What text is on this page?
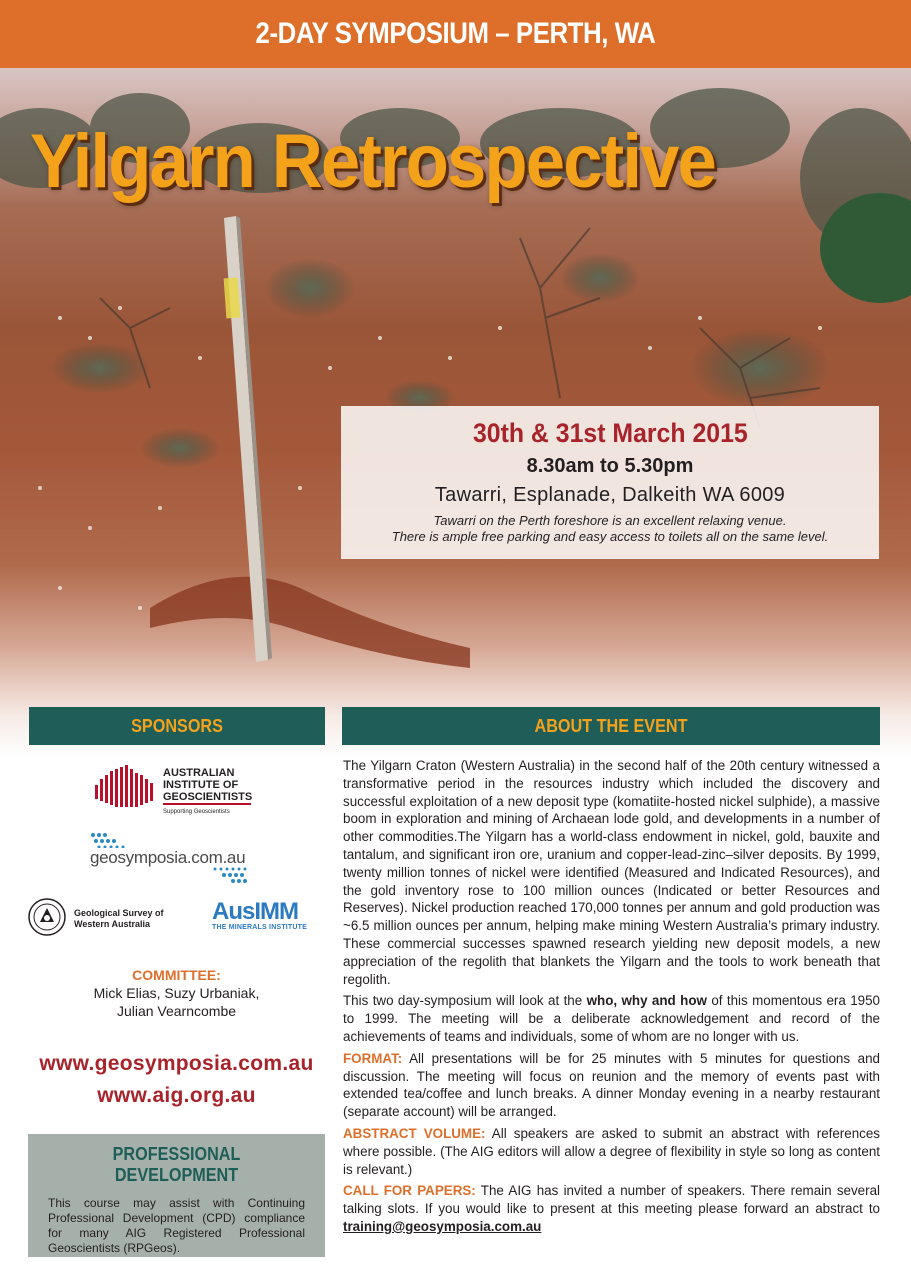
2-DAY SYMPOSIUM – PERTH, WA
Yilgarn Retrospective
30th & 31st March 2015
8.30am to 5.30pm
Tawarri, Esplanade, Dalkeith WA 6009
Tawarri on the Perth foreshore is an excellent relaxing venue.
There is ample free parking and easy access to toilets all on the same level.
SPONSORS	ABOUT THE EVENT
AUSTRALIAN
INSTITUTE OF
GEOSCIENTISTS
Supporting Geoscientists
geosymposia.com.au
Geological Survey of
Western Australia	AusIMM
THE MINERALS INSTITUTE
COMMITTEE:
Mick Elias, Suzy Urbaniak,
Julian Vearncombe
www.geosymposia.com.au
www.aig.org.au
PROFESSIONAL DEVELOPMENT
This course may assist with Continuing Professional Development (CPD) compliance for many AIG Registered Professional Geoscientists (RPGeos).

The Yilgarn Craton (Western Australia) in the second half of the 20th century witnessed a transformative period in the resources industry which included the discovery and successful exploitation of a new deposit type (komatiite-hosted nickel sulphide), a massive boom in exploration and mining of Archaean lode gold, and developments in a number of other commodities.The Yilgarn has a world-class endowment in nickel, gold, bauxite and tantalum, and significant iron ore, uranium and copper-lead-zinc–silver deposits. By 1999, twenty million tonnes of nickel were identified (Measured and Indicated Resources), and the gold inventory rose to 100 million ounces (Indicated or better Resources and Reserves). Nickel production reached 170,000 tonnes per annum and gold production was ~6.5 million ounces per annum, helping make mining Western Australia’s primary industry. These commercial successes spawned research yielding new deposit models, a new appreciation of the regolith that blankets the Yilgarn and the tools to work beneath that regolith.

This two day-symposium will look at the who, why and how of this momentous era 1950 to 1999. The meeting will be a deliberate acknowledgement and record of the achievements of teams and individuals, some of whom are no longer with us.

FORMAT: All presentations will be for 25 minutes with 5 minutes for questions and discussion. The meeting will focus on reunion and the memory of events past with extended tea/coffee and lunch breaks. A dinner Monday evening in a nearby restaurant (separate account) will be arranged.

ABSTRACT VOLUME: All speakers are asked to submit an abstract with references where possible. (The AIG editors will allow a degree of flexibility in style so long as content is relevant.)

CALL FOR PAPERS: The AIG has invited a number of speakers. There remain several talking slots. If you would like to present at this meeting please forward an abstract to training@geosymposia.com.au
